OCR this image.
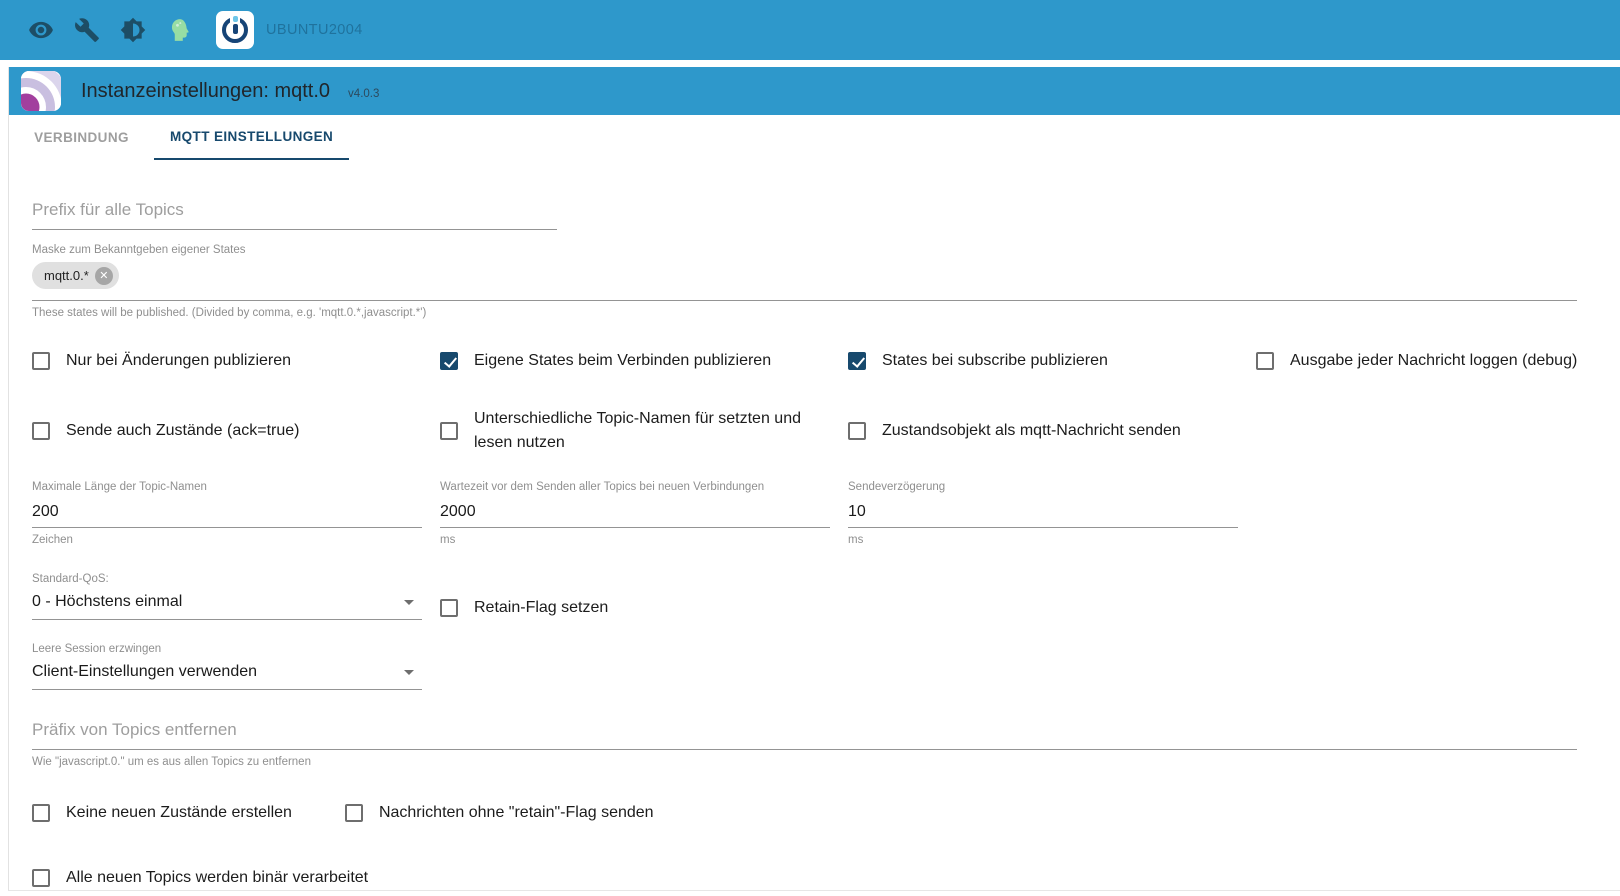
UBUNTU2004
Instanzeinstellungen: mqtt.0 v4.0.3
VERBINDUNG	MQTT EINSTELLUNGEN
Prefix für alle Topics
Maske zum Bekanntgeben eigener States
mqtt.0.* ✕
These states will be published. (Divided by comma, e.g. 'mqtt.0.*,javascript.*')
Nur bei Änderungen publizieren	Eigene States beim Verbinden publizieren	States bei subscribe publizieren	Ausgabe jeder Nachricht loggen (debug)
Sende auch Zustände (ack=true)
Unterschiedliche Topic-Namen für setzten und lesen nutzen
Zustandsobjekt als mqtt-Nachricht senden
Maximale Länge der Topic-Namen
200
Zeichen
Wartezeit vor dem Senden aller Topics bei neuen Verbindungen
2000
ms
Sendeverzögerung
10
ms
Standard-QoS:
0 - Höchstens einmal	Retain-Flag setzen
Leere Session erzwingen
Client-Einstellungen verwenden
Präfix von Topics entfernen
Wie "javascript.0." um es aus allen Topics zu entfernen
Keine neuen Zustände erstellen	Nachrichten ohne "retain"-Flag senden
Alle neuen Topics werden binär verarbeitet
